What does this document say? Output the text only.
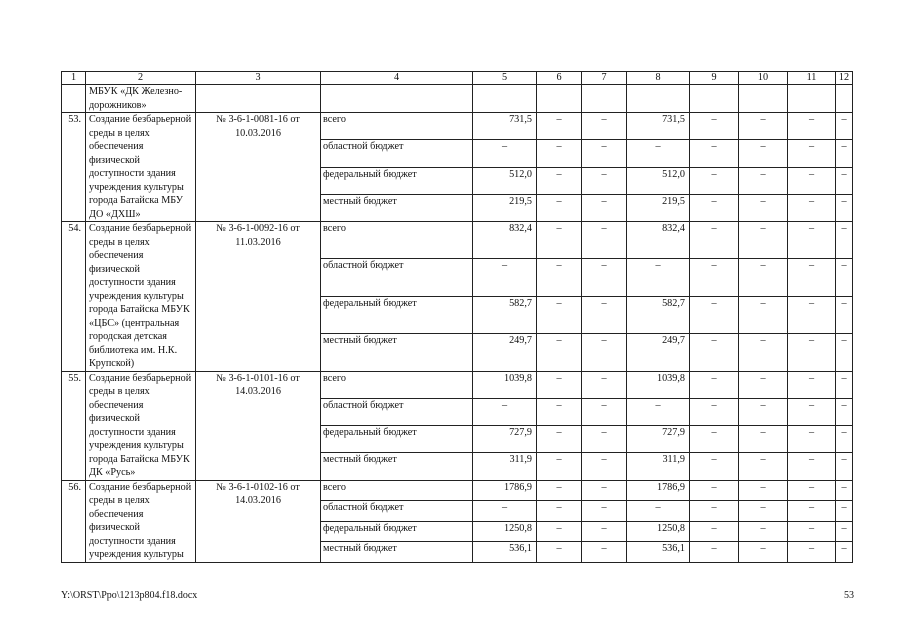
1	2	3	4	5	6	7	8	9	10	11	12
	МБУК «ДК Железно-дорожников»										
53.	Создание безбарьерной среды в целях обеспечения физической доступности здания учреждения культуры города Батайска МБУ ДО «ДХШ»	№ 3-6-1-0081-16 от 10.03.2016	всего	731,5	–	–	731,5	–	–	–	–
			областной бюджет	–	–	–	–	–	–	–	–
			федеральный бюджет	512,0	–	–	512,0	–	–	–	–
			местный бюджет	219,5	–	–	219,5	–	–	–	–
54.	Создание безбарьерной среды в целях обеспечения физической доступности здания учреждения культуры города Батайска МБУК «ЦБС» (центральная городская детская библиотека им. Н.К. Крупской)	№ 3-6-1-0092-16 от 11.03.2016	всего	832,4	–	–	832,4	–	–	–	–
			областной бюджет	–	–	–	–	–	–	–	–
			федеральный бюджет	582,7	–	–	582,7	–	–	–	–
			местный бюджет	249,7	–	–	249,7	–	–	–	–
55.	Создание безбарьерной среды в целях обеспечения физической доступности здания учреждения культуры города Батайска МБУК ДК «Русь»	№ 3-6-1-0101-16 от 14.03.2016	всего	1039,8	–	–	1039,8	–	–	–	–
			областной бюджет	–	–	–	–	–	–	–	–
			федеральный бюджет	727,9	–	–	727,9	–	–	–	–
			местный бюджет	311,9	–	–	311,9	–	–	–	–
56.	Создание безбарьерной среды в целях обеспечения физической доступности здания учреждения культуры	№ 3-6-1-0102-16 от 14.03.2016	всего	1786,9	–	–	1786,9	–	–	–	–
			областной бюджет	–	–	–	–	–	–	–	–
			федеральный бюджет	1250,8	–	–	1250,8	–	–	–	–
			местный бюджет	536,1	–	–	536,1	–	–	–	–
Y:\ORST\Ppo\1213p804.f18.docx	53
